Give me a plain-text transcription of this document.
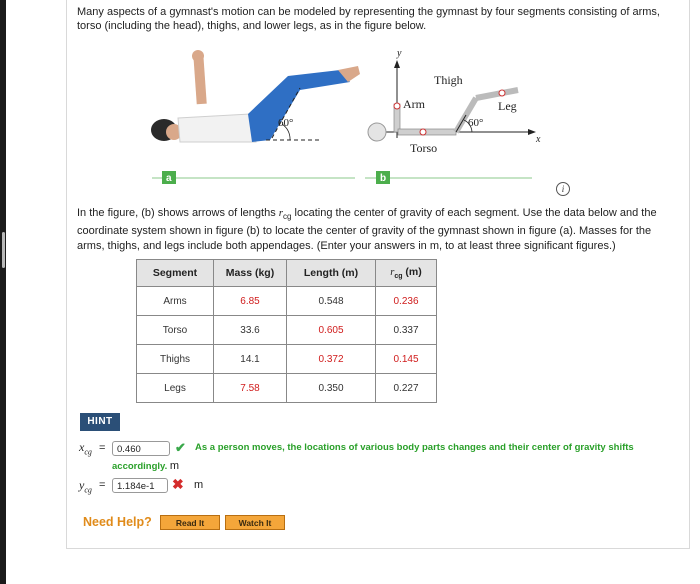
Many aspects of a gymnast's motion can be modeled by representing the gymnast by four segments consisting of arms, torso (including the head), thighs, and lower legs, as in the figure below.
60°
y
x
Arm
Thigh
Leg
Torso
60°
a	b
i
In the figure, (b) shows arrows of lengths $r_{cg}$ locating the center of gravity of each segment. Use the data below and the coordinate system shown in figure (b) to locate the center of gravity of the gymnast shown in figure (a). Masses for the arms, thighs, and legs include both appendages. (Enter your answers in m, to at least three significant figures.)
Segment	Mass (kg)	Length (m)	$r_{cg}$ (m)
Arms	6.85	0.548	0.236
Torso	33.6	0.605	0.337
Thighs	14.1	0.372	0.145
Legs	7.58	0.350	0.227
HINT
$x_{cg}$ =	0.460	✔ As a person moves, the locations of various body parts changes and their center of gravity shifts
accordingly. m
$y_{cg}$ =	1.184e-1	✖ m
Need Help?	Read It	Watch It
